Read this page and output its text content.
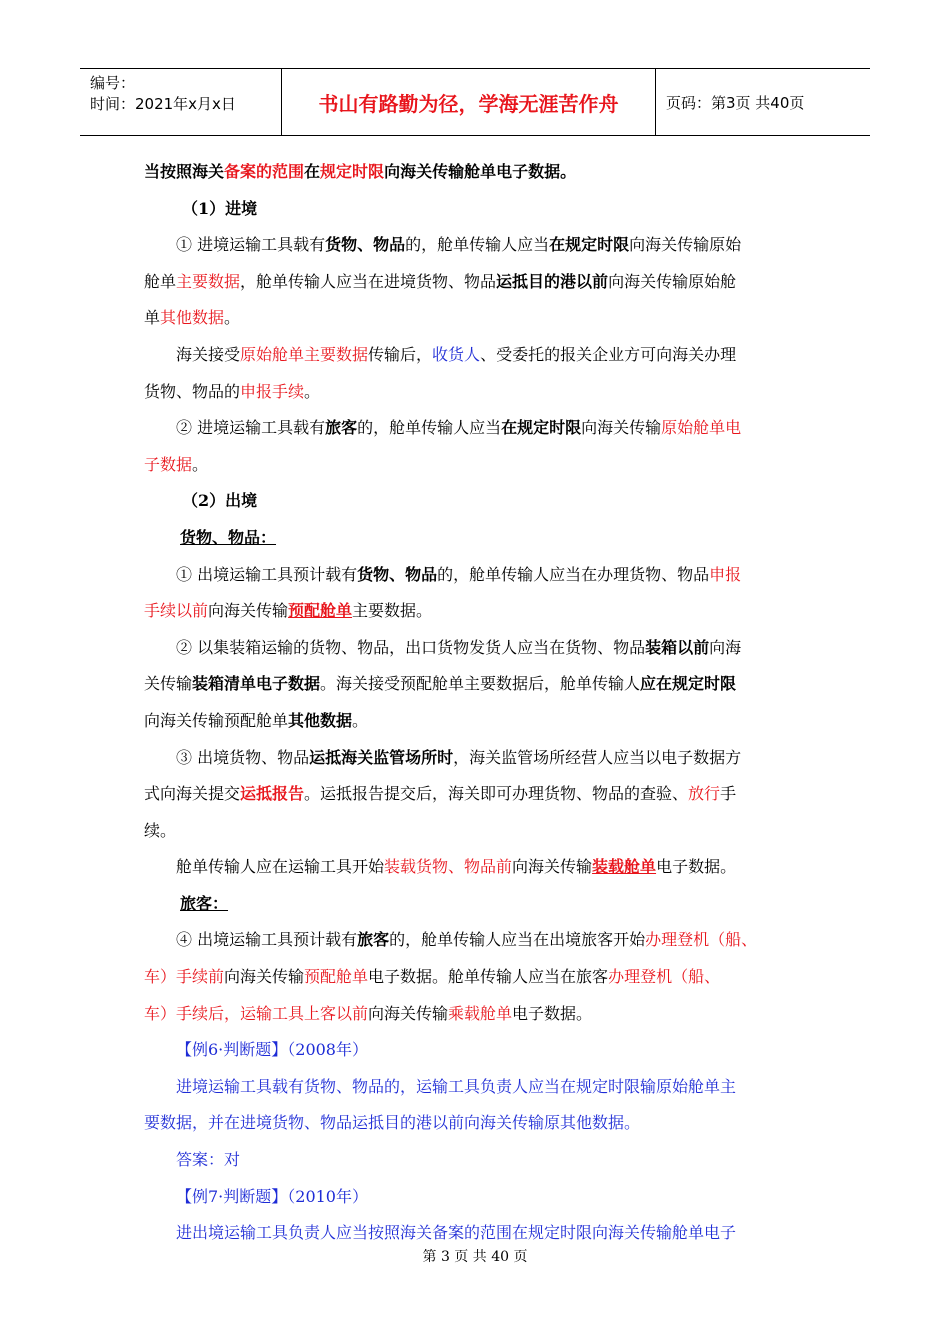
编号：
时间：2021年x月x日	书山有路勤为径，学海无涯苦作舟	页码：第3页 共40页

当按照海关备案的范围在规定时限向海关传输舱单电子数据。

（1）进境

① 进境运输工具载有货物、物品的，舱单传输人应当在规定时限向海关传输原始

舱单主要数据，舱单传输人应当在进境货物、物品运抵目的港以前向海关传输原始舱

单其他数据。

海关接受原始舱单主要数据传输后，收货人、受委托的报关企业方可向海关办理

货物、物品的申报手续。

② 进境运输工具载有旅客的，舱单传输人应当在规定时限向海关传输原始舱单电

子数据。

（2）出境

货物、物品：

① 出境运输工具预计载有货物、物品的，舱单传输人应当在办理货物、物品申报

手续以前向海关传输预配舱单主要数据。

② 以集装箱运输的货物、物品，出口货物发货人应当在货物、物品装箱以前向海

关传输装箱清单电子数据。海关接受预配舱单主要数据后，舱单传输人应在规定时限

向海关传输预配舱单其他数据。

③ 出境货物、物品运抵海关监管场所时，海关监管场所经营人应当以电子数据方

式向海关提交运抵报告。运抵报告提交后，海关即可办理货物、物品的查验、放行手

续。

舱单传输人应在运输工具开始装载货物、物品前向海关传输装载舱单电子数据。

旅客：

④ 出境运输工具预计载有旅客的，舱单传输人应当在出境旅客开始办理登机（船、

车）手续前向海关传输预配舱单电子数据。舱单传输人应当在旅客办理登机（船、

车）手续后，运输工具上客以前向海关传输乘载舱单电子数据。

【例6·判断题】（2008年）

进境运输工具载有货物、物品的，运输工具负责人应当在规定时限输原始舱单主

要数据，并在进境货物、物品运抵目的港以前向海关传输原其他数据。

答案：对

【例7·判断题】（2010年）

进出境运输工具负责人应当按照海关备案的范围在规定时限向海关传输舱单电子

第 3 页 共 40 页
